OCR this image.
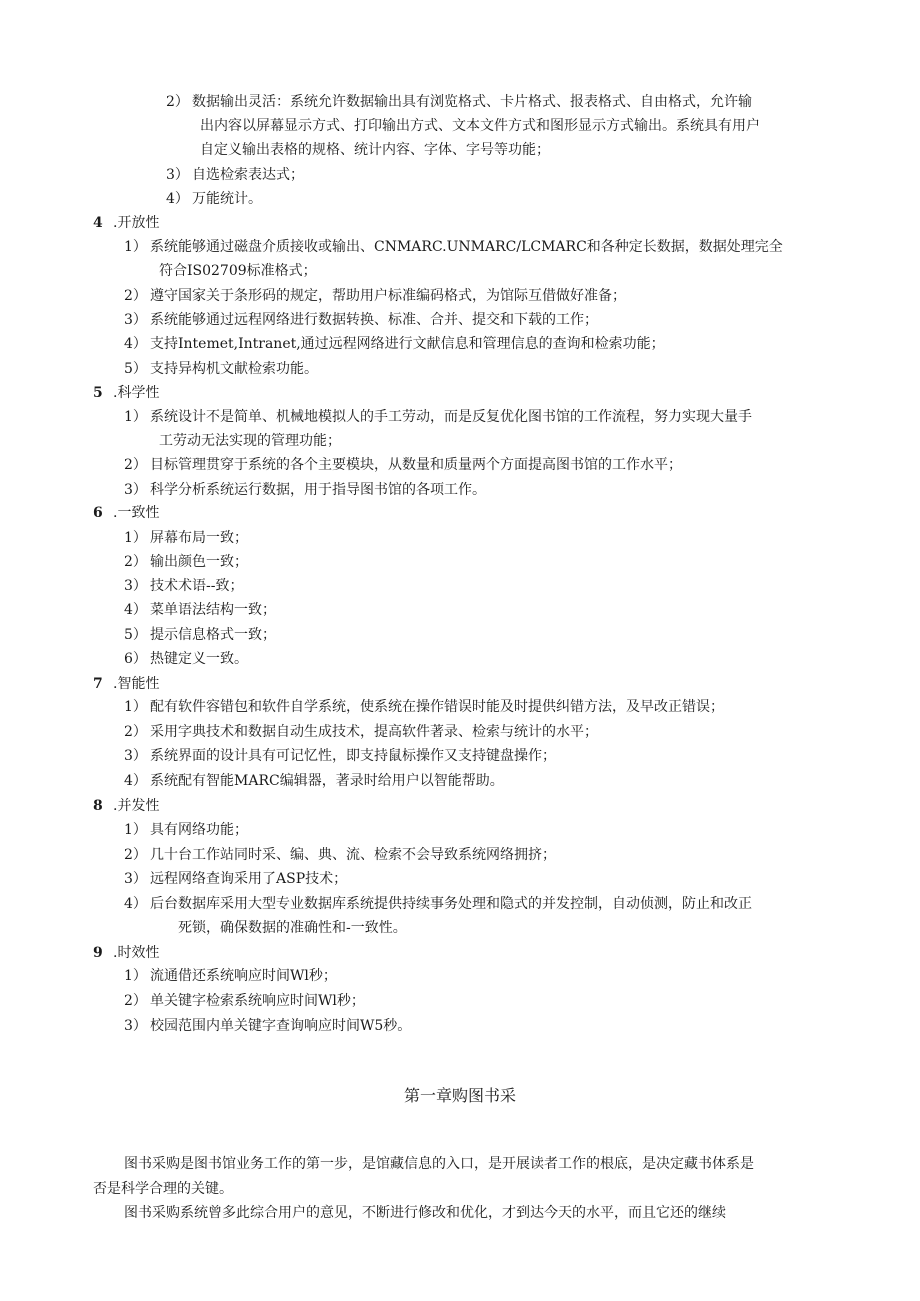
2） 数据输出灵活：系统允许数据输出具有浏览格式、卡片格式、报表格式、自由格式，允许输
出内容以屏幕显示方式、打印输出方式、文本文件方式和图形显示方式输出。系统具有用户
自定义输出表格的规格、统计内容、字体、字号等功能；
3） 自选检索表达式；
4） 万能统计。
4 .开放性
1） 系统能够通过磁盘介质接收或输出、CNMARC.UNMARC/LCMARC和各种定长数据，数据处理完全
符合IS02709标准格式；
2） 遵守国家关于条形码的规定，帮助用户标准编码格式，为馆际互借做好准备；
3） 系统能够通过远程网络进行数据转换、标准、合并、提交和下载的工作；
4） 支持Intemet,Intranet,通过远程网络进行文献信息和管理信息的查询和检索功能；
5） 支持异构机文献检索功能。
5 .科学性
1） 系统设计不是简单、机械地模拟人的手工劳动，而是反复优化图书馆的工作流程，努力实现大量手
工劳动无法实现的管理功能；
2） 目标管理贯穿于系统的各个主要模块，从数量和质量两个方面提高图书馆的工作水平；
3） 科学分析系统运行数据，用于指导图书馆的各项工作。
6 .一致性
1） 屏幕布局一致；
2） 输出颜色一致；
3） 技术术语--致；
4） 菜单语法结构一致；
5） 提示信息格式一致；
6） 热键定义一致。
7 .智能性
1） 配有软件容错包和软件自学系统，使系统在操作错误时能及时提供纠错方法，及早改正错误；
2） 采用字典技术和数据自动生成技术，提高软件著录、检索与统计的水平；
3） 系统界面的设计具有可记忆性，即支持鼠标操作又支持键盘操作；
4） 系统配有智能MARC编辑器，著录时给用户以智能帮助。
8 .并发性
1） 具有网络功能；
2） 几十台工作站同时采、编、典、流、检索不会导致系统网络拥挤；
3） 远程网络查询采用了ASP技术；
4） 后台数据库采用大型专业数据库系统提供持续事务处理和隐式的并发控制，自动侦测，防止和改正
死锁，确保数据的准确性和-一致性。
9 .时效性
1） 流通借还系统响应时间Wl秒；
2） 单关键字检索系统响应时间Wl秒；
3） 校园范围内单关键字查询响应时间W5秒。
第一章购图书采
图书采购是图书馆业务工作的第一步，是馆藏信息的入口，是开展读者工作的根底，是决定藏书体系是
否是科学合理的关键。
图书采购系统曾多此综合用户的意见，不断进行修改和优化，才到达今天的水平，而且它还的继续
